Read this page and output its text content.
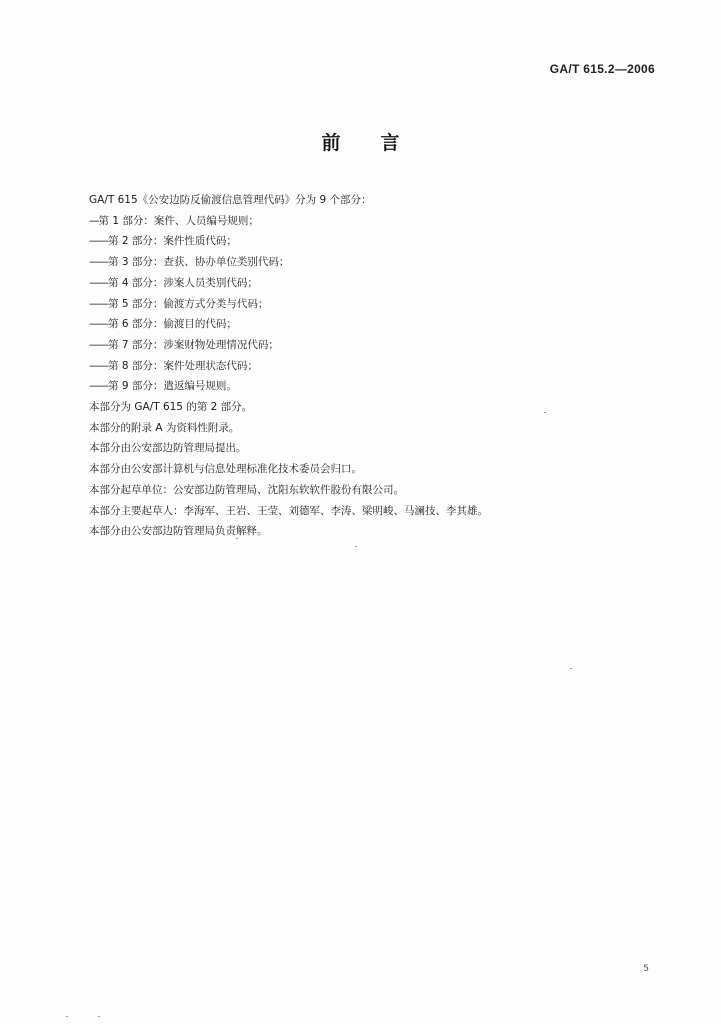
GA/T 615.2—2006
前言
GA/T 615《公安边防反偷渡信息管理代码》分为 9 个部分：
—第 1 部分：案件、人员编号规则；
——第 2 部分：案件性质代码；
——第 3 部分：查获、协办单位类别代码；
——第 4 部分：涉案人员类别代码；
——第 5 部分：偷渡方式分类与代码；
——第 6 部分：偷渡目的代码；
——第 7 部分：涉案财物处理情况代码；
——第 8 部分：案件处理状态代码；
——第 9 部分：遣返编号规则。
本部分为 GA/T 615 的第 2 部分。
本部分的附录 A 为资料性附录。
本部分由公安部边防管理局提出。
本部分由公安部计算机与信息处理标准化技术委员会归口。
本部分起草单位：公安部边防管理局、沈阳东软软件股份有限公司。
本部分主要起草人：李海军、王岩、王莹、刘德军、李涛、梁明峻、马澜技、李其雄。
本部分由公安部边防管理局负责解释。
5
